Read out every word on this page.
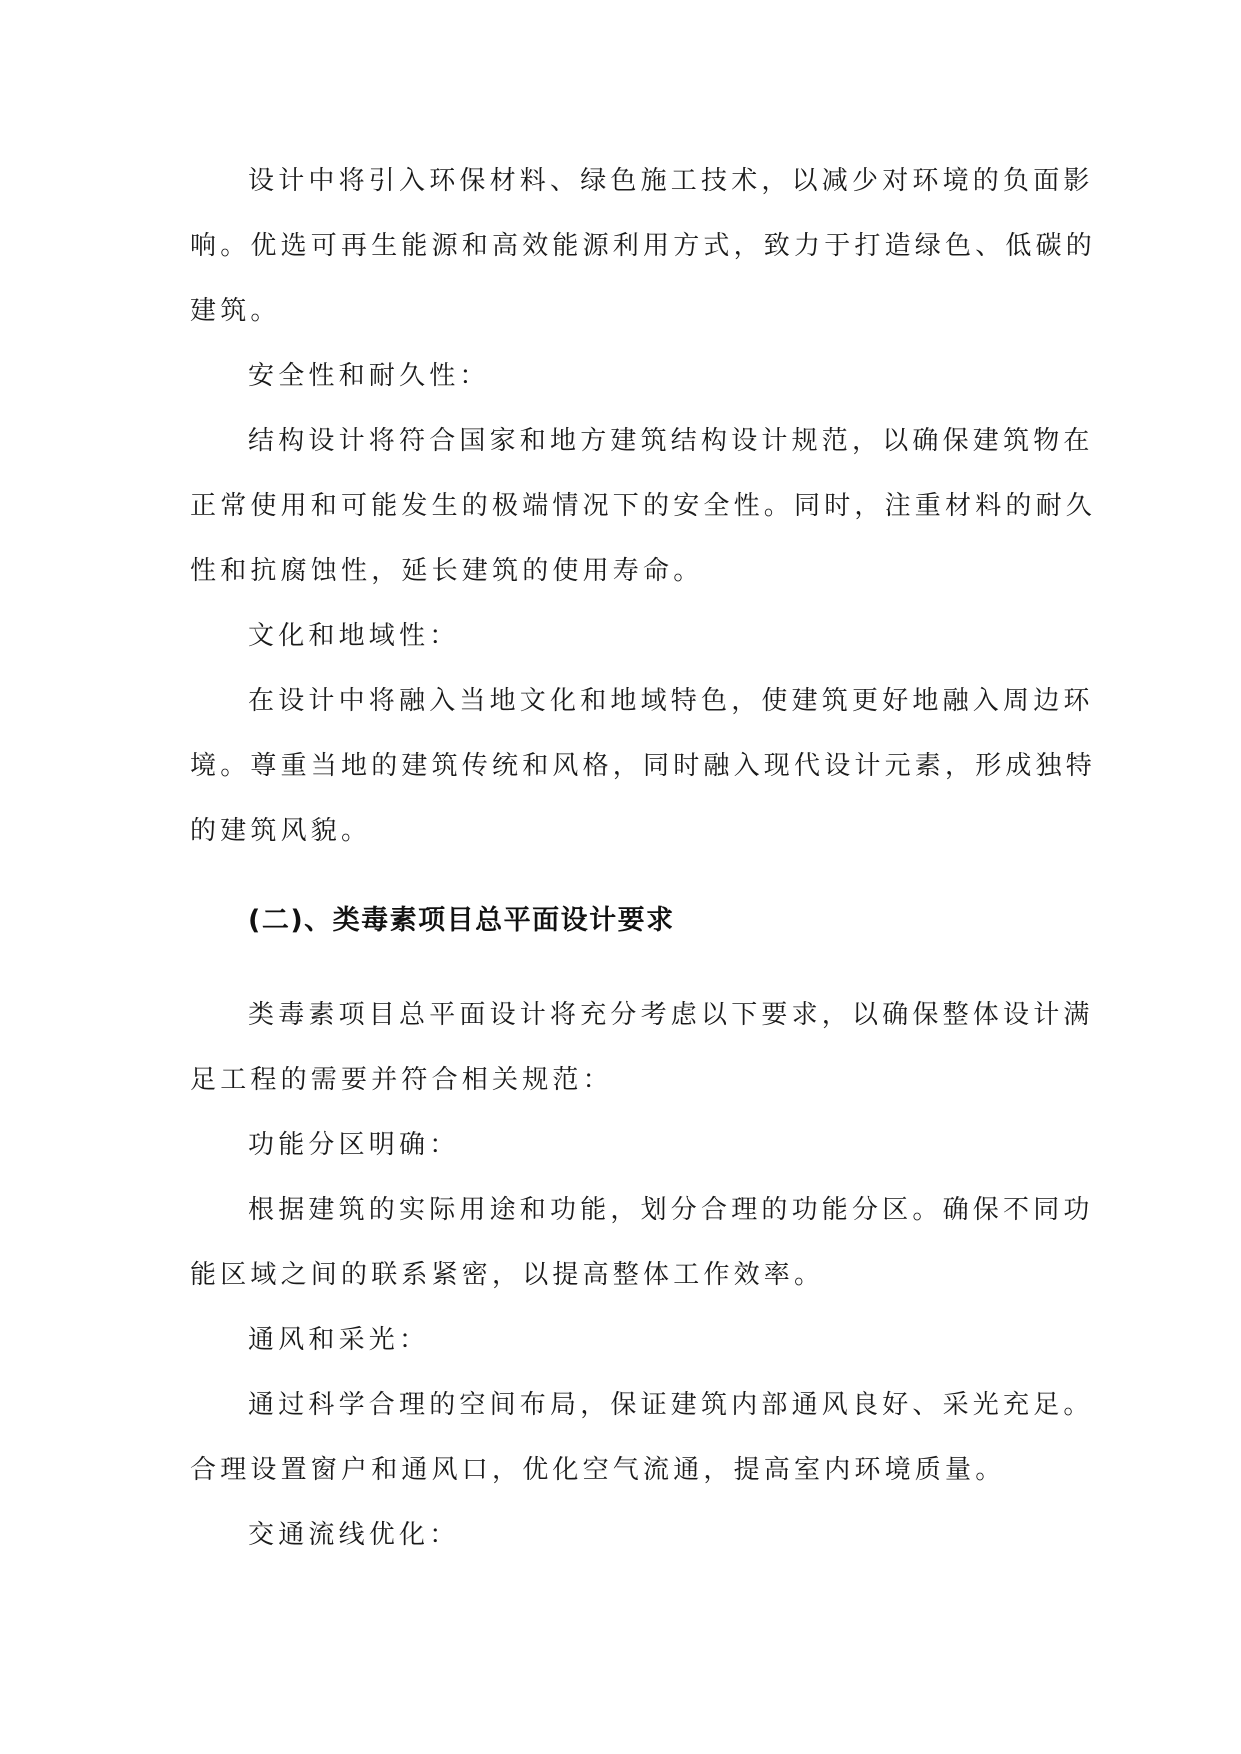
设计中将引入环保材料、绿色施工技术，以减少对环境的负面影
响。优选可再生能源和高效能源利用方式，致力于打造绿色、低碳的
建筑。
安全性和耐久性：
结构设计将符合国家和地方建筑结构设计规范，以确保建筑物在
正常使用和可能发生的极端情况下的安全性。同时，注重材料的耐久
性和抗腐蚀性，延长建筑的使用寿命。
文化和地域性：
在设计中将融入当地文化和地域特色，使建筑更好地融入周边环
境。尊重当地的建筑传统和风格，同时融入现代设计元素，形成独特
的建筑风貌。
(二)、类毒素项目总平面设计要求
类毒素项目总平面设计将充分考虑以下要求，以确保整体设计满
足工程的需要并符合相关规范：
功能分区明确：
根据建筑的实际用途和功能，划分合理的功能分区。确保不同功
能区域之间的联系紧密，以提高整体工作效率。
通风和采光：
通过科学合理的空间布局，保证建筑内部通风良好、采光充足。
合理设置窗户和通风口，优化空气流通，提高室内环境质量。
交通流线优化：
